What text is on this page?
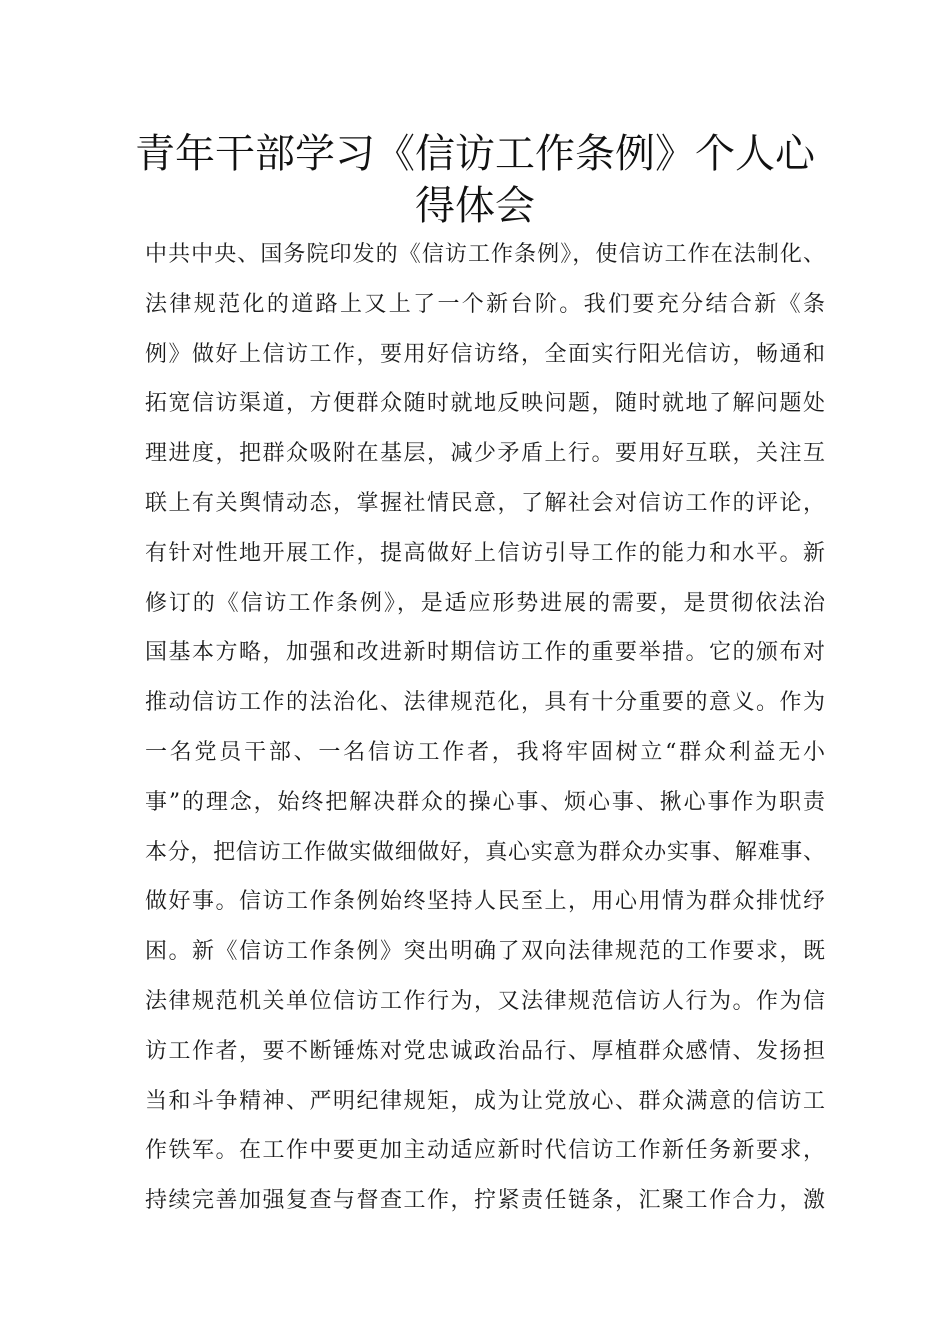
青年干部学习《信访工作条例》个人心
得体会
中共中央、国务院印发的《信访工作条例》，使信访工作在法制化、
法律规范化的道路上又上了一个新台阶。我们要充分结合新《条
例》做好上信访工作，要用好信访络，全面实行阳光信访，畅通和
拓宽信访渠道，方便群众随时就地反映问题，随时就地了解问题处
理进度，把群众吸附在基层，减少矛盾上行。要用好互联，关注互
联上有关舆情动态，掌握社情民意，了解社会对信访工作的评论，
有针对性地开展工作，提高做好上信访引导工作的能力和水平。新
修订的《信访工作条例》，是适应形势进展的需要，是贯彻依法治
国基本方略，加强和改进新时期信访工作的重要举措。它的颁布对
推动信访工作的法治化、法律规范化，具有十分重要的意义。作为
一名党员干部、一名信访工作者，我将牢固树立“群众利益无小
事”的理念，始终把解决群众的操心事、烦心事、揪心事作为职责
本分，把信访工作做实做细做好，真心实意为群众办实事、解难事、
做好事。信访工作条例始终坚持人民至上，用心用情为群众排忧纾
困。新《信访工作条例》突出明确了双向法律规范的工作要求，既
法律规范机关单位信访工作行为，又法律规范信访人行为。作为信
访工作者，要不断锤炼对党忠诚政治品行、厚植群众感情、发扬担
当和斗争精神、严明纪律规矩，成为让党放心、群众满意的信访工
作铁军。在工作中要更加主动适应新时代信访工作新任务新要求，
持续完善加强复查与督查工作，拧紧责任链条，汇聚工作合力，激
